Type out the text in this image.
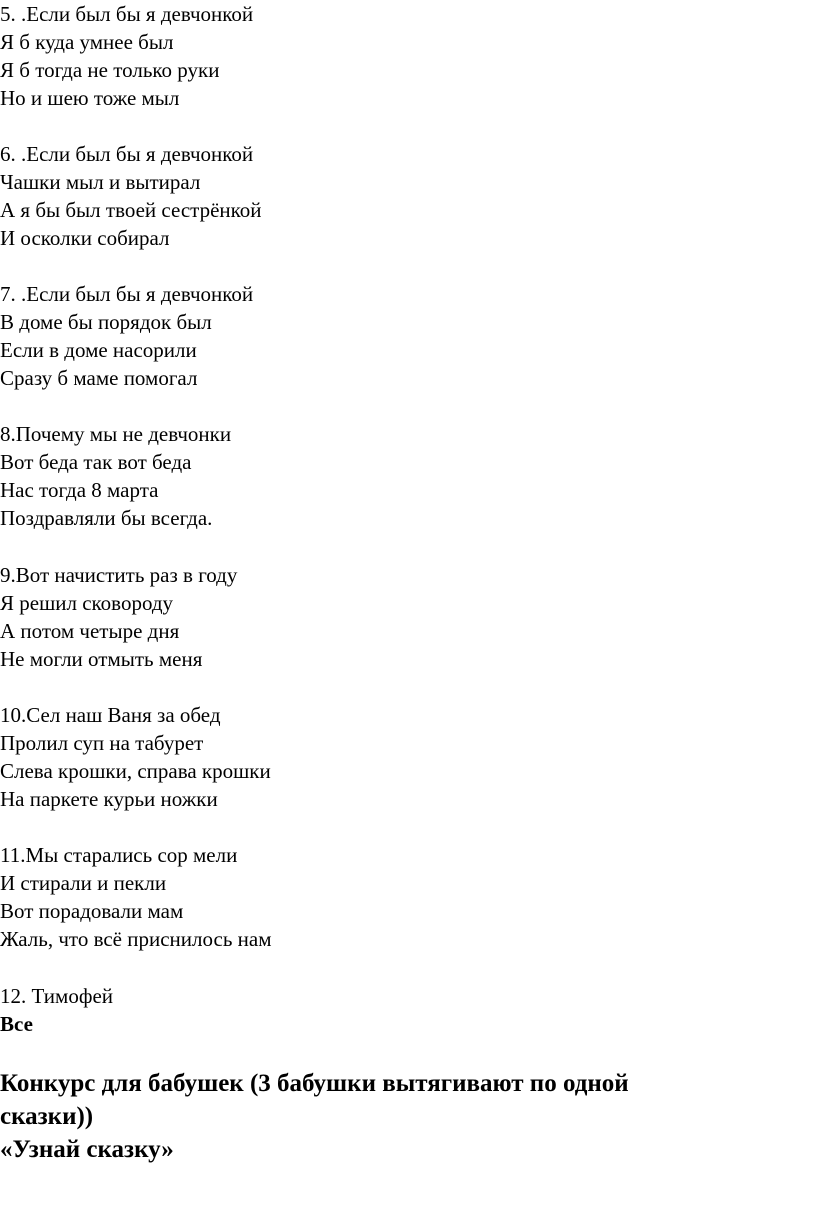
5. .Если был бы я девчонкой
Я б куда умнее был
Я б тогда не только руки
Но и шею тоже мыл
6. .Если был бы я девчонкой
Чашки мыл и вытирал
А я бы был твоей сестрёнкой
И осколки собирал
7. .Если был бы я девчонкой
В доме бы порядок был
Если в доме насорили
Сразу б маме помогал
8.Почему мы не девчонки
Вот беда так вот беда
Нас тогда 8 марта
Поздравляли бы всегда.
9.Вот начистить раз в году
Я решил сковороду
А потом четыре дня
Не могли отмыть меня
10.Сел наш Ваня за обед
Пролил суп на табурет
Слева крошки, справа крошки
На паркете курьи ножки
11.Мы старались сор мели
И стирали и пекли
Вот порадовали мам
Жаль, что всё приснилось нам
12. Тимофей
Все
Конкурс для бабушек (3 бабушки вытягивают по одной
сказки))
«Узнай сказку»
